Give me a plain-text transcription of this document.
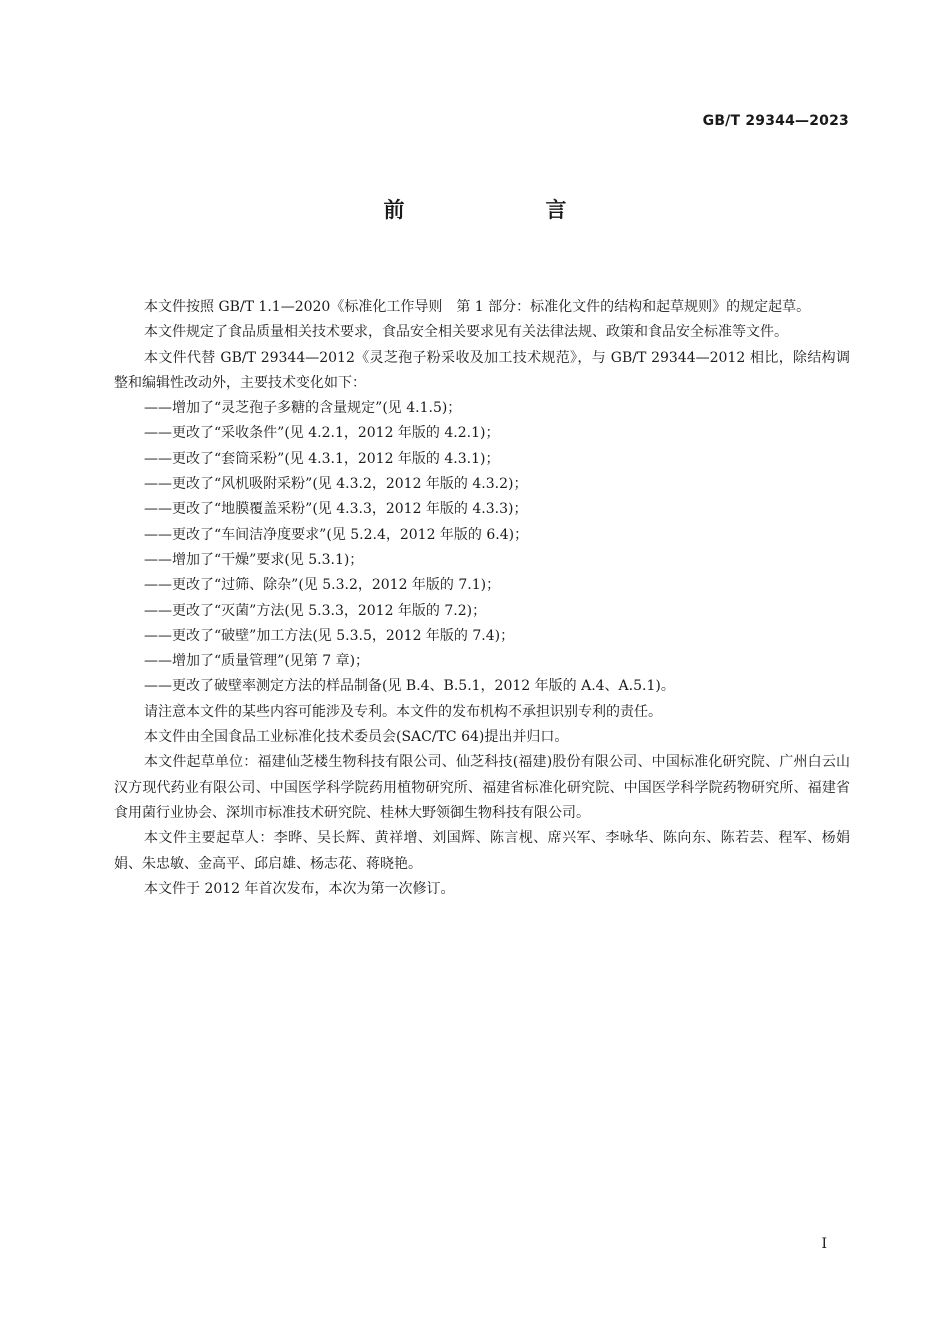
GB/T 29344—2023
前　言

本文件按照 GB/T 1.1—2020《标准化工作导则　第 1 部分：标准化文件的结构和起草规则》的规定起草。

本文件规定了食品质量相关技术要求，食品安全相关要求见有关法律法规、政策和食品安全标准等文件。

本文件代替 GB/T 29344—2012《灵芝孢子粉采收及加工技术规范》，与 GB/T 29344—2012 相比，除结构调整和编辑性改动外，主要技术变化如下：

——增加了“灵芝孢子多糖的含量规定”(见 4.1.5)；

——更改了“采收条件”(见 4.2.1，2012 年版的 4.2.1)；

——更改了“套筒采粉”(见 4.3.1，2012 年版的 4.3.1)；

——更改了“风机吸附采粉”(见 4.3.2，2012 年版的 4.3.2)；

——更改了“地膜覆盖采粉”(见 4.3.3，2012 年版的 4.3.3)；

——更改了“车间洁净度要求”(见 5.2.4，2012 年版的 6.4)；

——增加了“干燥”要求(见 5.3.1)；

——更改了“过筛、除杂”(见 5.3.2，2012 年版的 7.1)；

——更改了“灭菌”方法(见 5.3.3，2012 年版的 7.2)；

——更改了“破壁”加工方法(见 5.3.5，2012 年版的 7.4)；

——增加了“质量管理”(见第 7 章)；

——更改了破壁率测定方法的样品制备(见 B.4、B.5.1，2012 年版的 A.4、A.5.1)。

请注意本文件的某些内容可能涉及专利。本文件的发布机构不承担识别专利的责任。

本文件由全国食品工业标准化技术委员会(SAC/TC 64)提出并归口。

本文件起草单位：福建仙芝楼生物科技有限公司、仙芝科技(福建)股份有限公司、中国标准化研究院、广州白云山汉方现代药业有限公司、中国医学科学院药用植物研究所、福建省标准化研究院、中国医学科学院药物研究所、福建省食用菌行业协会、深圳市标准技术研究院、桂林大野领御生物科技有限公司。

本文件主要起草人：李晔、吴长辉、黄祥增、刘国辉、陈言枧、席兴军、李咏华、陈向东、陈若芸、程军、杨娟娟、朱忠敏、金高平、邱启雄、杨志花、蒋晓艳。

本文件于 2012 年首次发布，本次为第一次修订。

Ⅰ
